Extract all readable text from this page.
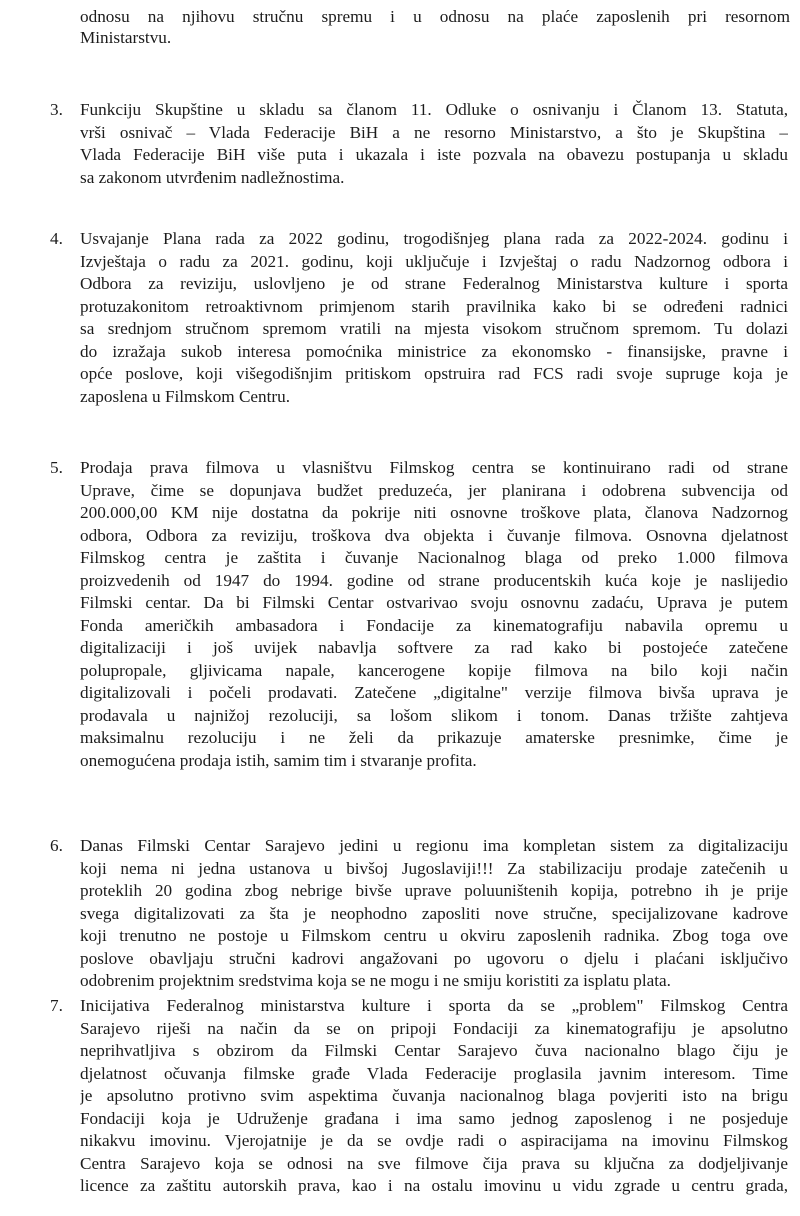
odnosu na njihovu stručnu spremu i u odnosu na plaće zaposlenih pri resornom
Ministarstvu.
3. Funkciju Skupštine u skladu sa članom 11. Odluke o osnivanju i Članom 13. Statuta,
vrši osnivač – Vlada Federacije BiH a ne resorno Ministarstvo, a što je Skupština –
Vlada Federacije BiH više puta i ukazala i iste pozvala na obavezu postupanja u skladu
sa zakonom utvrđenim nadležnostima.
4. Usvajanje Plana rada za 2022 godinu, trogodišnjeg plana rada za 2022-2024. godinu i
Izvještaja o radu za 2021. godinu, koji uključuje i Izvještaj o radu Nadzornog odbora i
Odbora za reviziju, uslovljeno je od strane Federalnog Ministarstva kulture i sporta
protuzakonitom retroaktivnom primjenom starih pravilnika kako bi se određeni radnici
sa srednjom stručnom spremom vratili na mjesta visokom stručnom spremom. Tu dolazi
do izražaja sukob interesa pomoćnika ministrice za ekonomsko - finansijske, pravne i
opće poslove, koji višegodišnjim pritiskom opstruira rad FCS radi svoje supruge koja je
zaposlena u Filmskom Centru.
5. Prodaja prava filmova u vlasništvu Filmskog centra se kontinuirano radi od strane
Uprave, čime se dopunjava budžet preduzeća, jer planirana i odobrena subvencija od
200.000,00 KM nije dostatna da pokrije niti osnovne troškove plata, članova Nadzornog
odbora, Odbora za reviziju, troškova dva objekta i čuvanje filmova. Osnovna djelatnost
Filmskog centra je zaštita i čuvanje Nacionalnog blaga od preko 1.000 filmova
proizvedenih od 1947 do 1994. godine od strane producentskih kuća koje je naslijedio
Filmski centar. Da bi Filmski Centar ostvarivao svoju osnovnu zadaću, Uprava je putem
Fonda američkih ambasadora i Fondacije za kinematografiju nabavila opremu u
digitalizaciji i još uvijek nabavlja softvere za rad kako bi postojeće zatečene
polupropale, gljivicama napale, kancerogene kopije filmova na bilo koji način
digitalizovali i počeli prodavati. Zatečene „digitalne" verzije filmova bivša uprava je
prodavala u najnižoj rezoluciji, sa lošom slikom i tonom. Danas tržište zahtjeva
maksimalnu rezoluciju i ne želi da prikazuje amaterske presnimke, čime je
onemogućena prodaja istih, samim tim i stvaranje profita.
6. Danas Filmski Centar Sarajevo jedini u regionu ima kompletan sistem za digitalizaciju
koji nema ni jedna ustanova u bivšoj Jugoslaviji!!! Za stabilizaciju prodaje zatečenih u
proteklih 20 godina zbog nebrige bivše uprave poluuništenih kopija, potrebno ih je prije
svega digitalizovati za šta je neophodno zaposliti nove stručne, specijalizovane kadrove
koji trenutno ne postoje u Filmskom centru u okviru zaposlenih radnika. Zbog toga ove
poslove obavljaju stručni kadrovi angažovani po ugovoru o djelu i plaćani isključivo
odobrenim projektnim sredstvima koja se ne mogu i ne smiju koristiti za isplatu plata.
7. Inicijativa Federalnog ministarstva kulture i sporta da se „problem" Filmskog Centra
Sarajevo riješi na način da se on pripoji Fondaciji za kinematografiju je apsolutno
neprihvatljiva s obzirom da Filmski Centar Sarajevo čuva nacionalno blago čiju je
djelatnost očuvanja filmske građe Vlada Federacije proglasila javnim interesom. Time
je apsolutno protivno svim aspektima čuvanja nacionalnog blaga povjeriti isto na brigu
Fondaciji koja je Udruženje građana i ima samo jednog zaposlenog i ne posjeduje
nikakvu imovinu. Vjerojatnije je da se ovdje radi o aspiracijama na imovinu Filmskog
Centra Sarajevo koja se odnosi na sve filmove čija prava su ključna za dodjeljivanje
licence za zaštitu autorskih prava, kao i na ostalu imovinu u vidu zgrade u centru grada,
